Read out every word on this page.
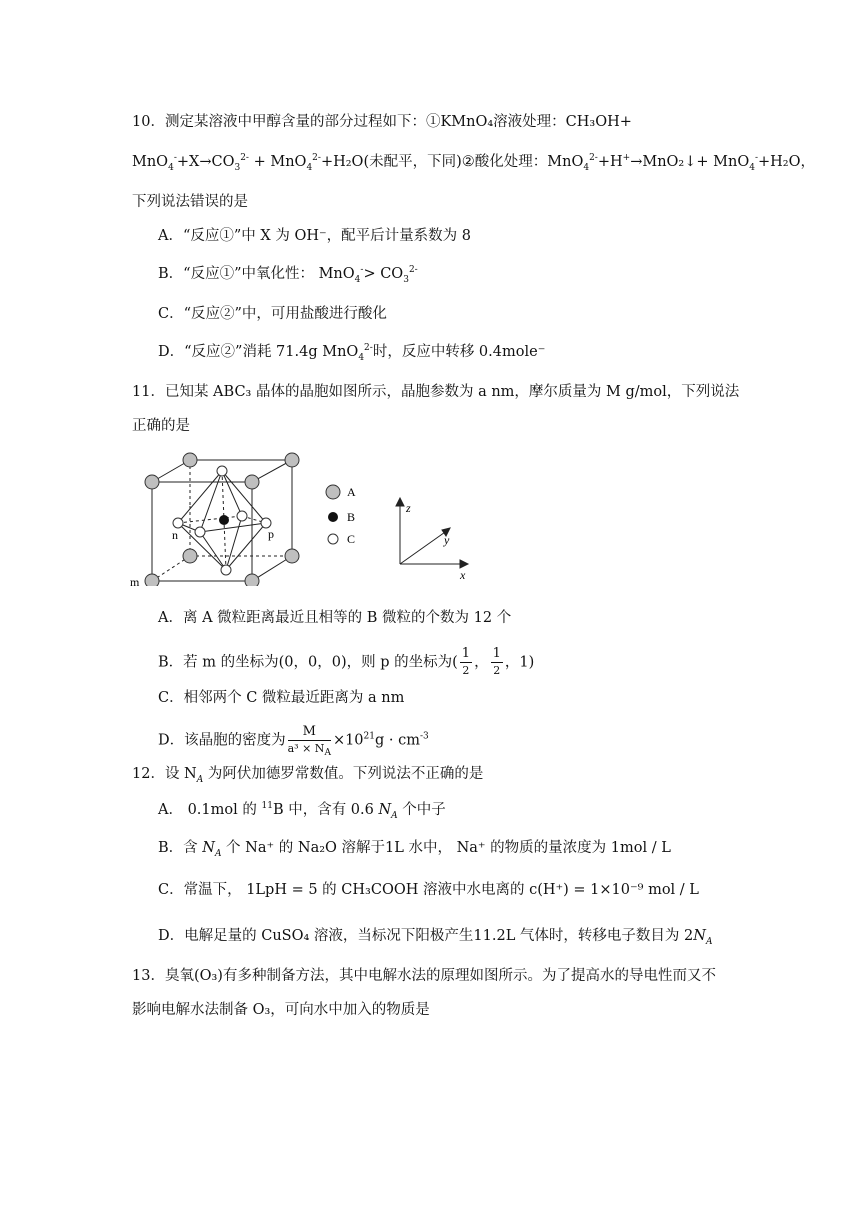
10．测定某溶液中甲醇含量的部分过程如下：①KMnO₄溶液处理：CH₃OH+
$MnO_4^-+X\to CO_3^{2-} + MnO_4^{2-}+H_2O$(未配平，下同)②酸化处理：MnO$_4^{2-}$+H+→MnO₂↓+ MnO$_4$-+H₂O，
下列说法错误的是
A．“反应①”中 X 为 OH⁻，配平后计量系数为 8
B．“反应①”中氧化性： $MnO_4^-> CO_3^{2-}$
C．“反应②”中，可用盐酸进行酸化
D．“反应②”消耗 71.4g MnO$_4^{2-}$时，反应中转移 0.4mole⁻
11．已知某 ABC₃ 晶体的晶胞如图所示，晶胞参数为 a nm，摩尔质量为 M g/mol，下列说法
正确的是
n	p
m
A
B
C
z
y
x
A．离 A 微粒距离最近且相等的 B 微粒的个数为 12 个
B．若 m 的坐标为(0，0，0)，则 p 的坐标为( $\frac{1}{2}$ ， $\frac{1}{2}$ ，1)
C．相邻两个 C 微粒最近距离为 a nm
D．该晶胞的密度为 $\frac{M}{a^3 \times N_A} \times 10^{21}g \cdot cm^{-3}$
12．设 $N_A$ 为阿伏加德罗常数值。下列说法不正确的是
A． 0.1mol 的 $^{11}$B 中，含有 0.6 $N_A$ 个中子
B．含 $N_A$ 个 Na⁺ 的 Na₂O 溶解于1L 水中， Na⁺ 的物质的量浓度为 1mol / L
C．常温下， 1LpH = 5 的 CH₃COOH 溶液中水电离的 c(H⁺) = 1×10⁻⁹ mol / L
D．电解足量的 CuSO₄ 溶液，当标况下阳极产生11.2L 气体时，转移电子数目为 $2N_A$
13．臭氧(O₃)有多种制备方法，其中电解水法的原理如图所示。为了提高水的导电性而又不
影响电解水法制备 O₃，可向水中加入的物质是
